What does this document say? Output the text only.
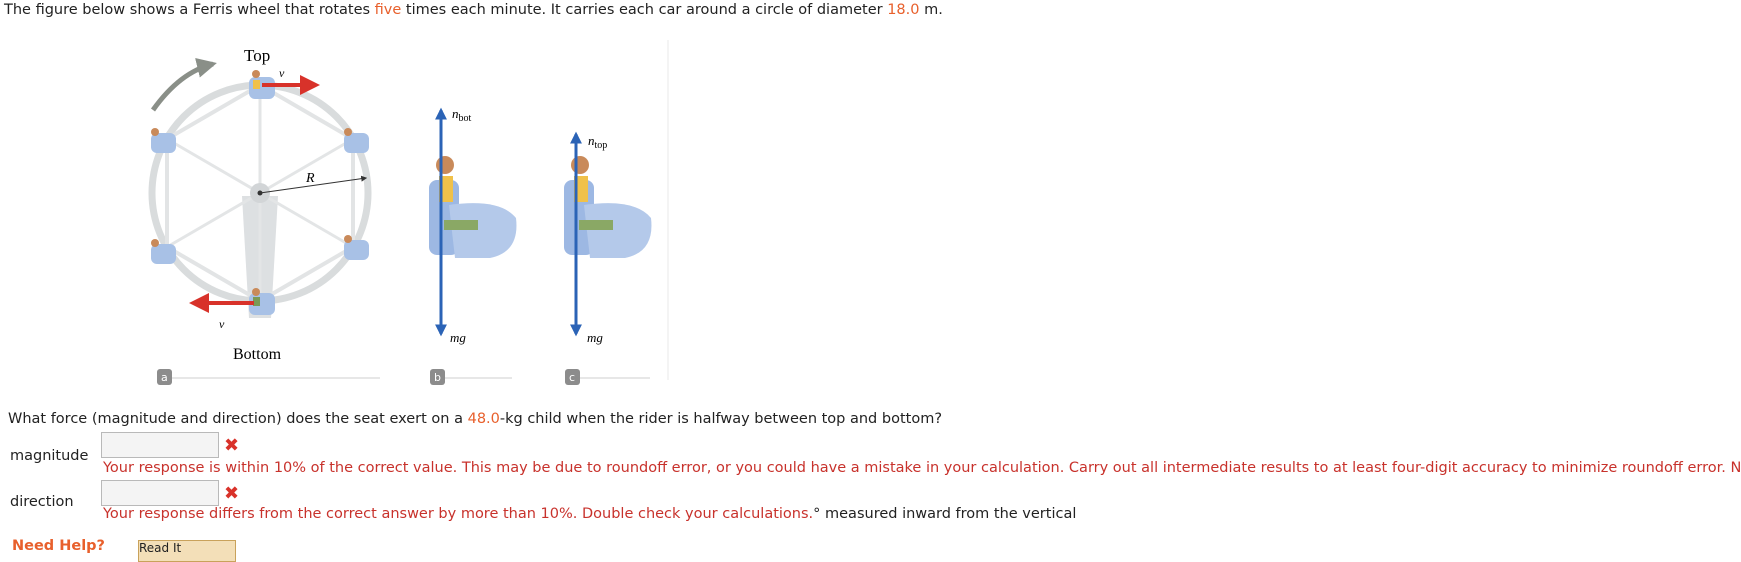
The figure below shows a Ferris wheel that rotates five times each minute. It carries each car around a circle of diameter 18.0 m.
R
Top
v
v
Bottom
$n_{bot}$
mg
$n_{top}$
mg
a	b	c
What force (magnitude and direction) does the seat exert on a 48.0-kg child when the rider is halfway between top and bottom?
magnitude	✖
Your response is within 10% of the correct value. This may be due to roundoff error, or you could have a mistake in your calculation. Carry out all intermediate results to at least four-digit accuracy to minimize roundoff error. N
direction	✖
Your response differs from the correct answer by more than 10%. Double check your calculations.° measured inward from the vertical
Need Help?	Read It
